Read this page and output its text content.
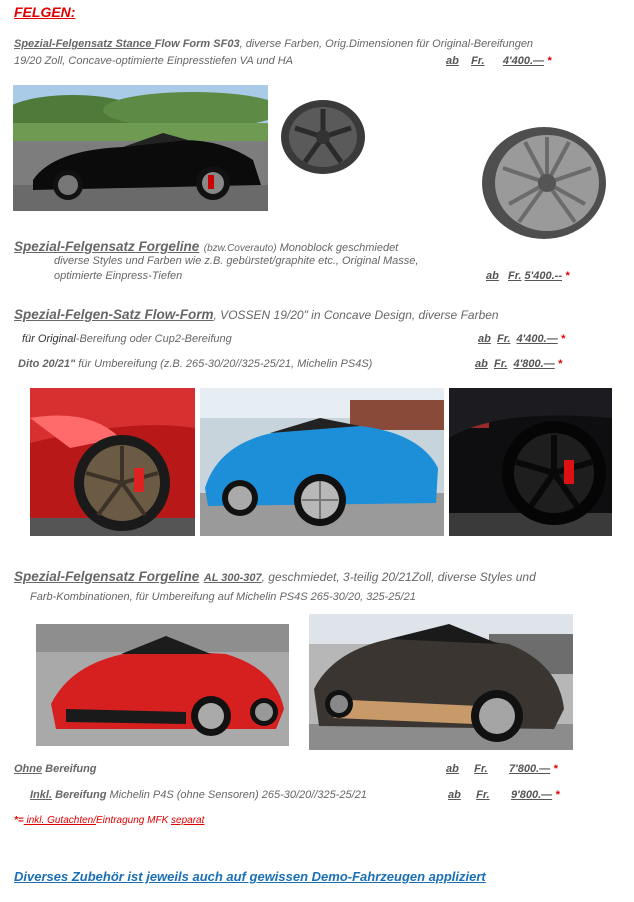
FELGEN:
Spezial-Felgensatz Stance Flow Form SF03, diverse Farben, Orig.Dimensionen für Original-Bereifungen
19/20 Zoll, Concave-optimierte Einpresstiefen VA und HA	ab Fr. 4'400.— *
Spezial-Felgensatz Forgeline (bzw.Coverauto) Monoblock geschmiedet
diverse Styles und Farben wie z.B. gebürstet/graphite etc., Original Masse,
optimierte Einpress-Tiefen	ab Fr. 5'400.-- *
Spezial-Felgen-Satz Flow-Form, VOSSEN 19/20" in Concave Design, diverse Farben
für Original-Bereifung oder Cup2-Bereifung	ab Fr. 4'400.— *
Dito 20/21" für Umbereifung (z.B. 265-30/20//325-25/21, Michelin PS4S)	ab Fr. 4'800.— *
Spezial-Felgensatz Forgeline AL 300-307, geschmiedet, 3-teilig 20/21Zoll, diverse Styles und
Farb-Kombinationen, für Umbereifung auf Michelin PS4S 265-30/20, 325-25/21
Ohne Bereifung	ab Fr. 7'800.— *
Inkl. Bereifung Michelin P4S (ohne Sensoren) 265-30/20//325-25/21	ab Fr. 9'800.— *
*= inkl. Gutachten/Eintragung MFK separat
Diverses Zubehör ist jeweils auch auf gewissen Demo-Fahrzeugen appliziert
